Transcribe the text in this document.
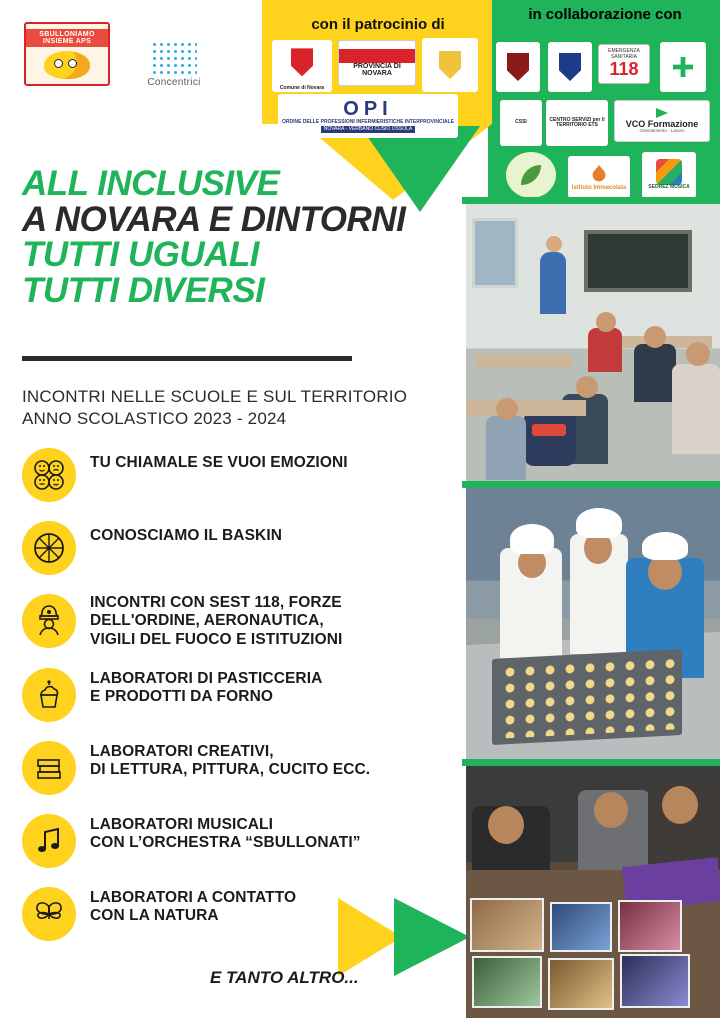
con il patrocinio di
in collaborazione con
SBULLONIAMO INSIEME APS
Concentrici	Comune di Novara
PROVINCIA DI NOVARA
OPI
ORDINE DELLE PROFESSIONI INFERMIERISTICHE INTERPROVINCIALE
NOVARA - VERBANO CUSIO OSSOLA
EMERGENZA SANITARIA
118
CSSI	CENTRO SERVIZI per il TERRITORIO ETS	VCO Formazione
Orientamento - Lavoro
Istituto Immacolata	SEDREZ MUSICA
ALL INCLUSIVE
A NOVARA E DINTORNI
TUTTI UGUALI
TUTTI DIVERSI
INCONTRI NELLE SCUOLE E SUL TERRITORIO
ANNO SCOLASTICO 2023 - 2024
TU CHIAMALE SE VUOI EMOZIONI
CONOSCIAMO IL BASKIN
INCONTRI CON SEST 118, FORZE
DELL'ORDINE, AERONAUTICA,
VIGILI DEL FUOCO E ISTITUZIONI
LABORATORI DI PASTICCERIA
E PRODOTTI DA FORNO
LABORATORI CREATIVI,
DI LETTURA, PITTURA, CUCITO ECC.
LABORATORI MUSICALI
CON L’ORCHESTRA “SBULLONATI”
LABORATORI A CONTATTO
CON LA NATURA
E TANTO ALTRO...
